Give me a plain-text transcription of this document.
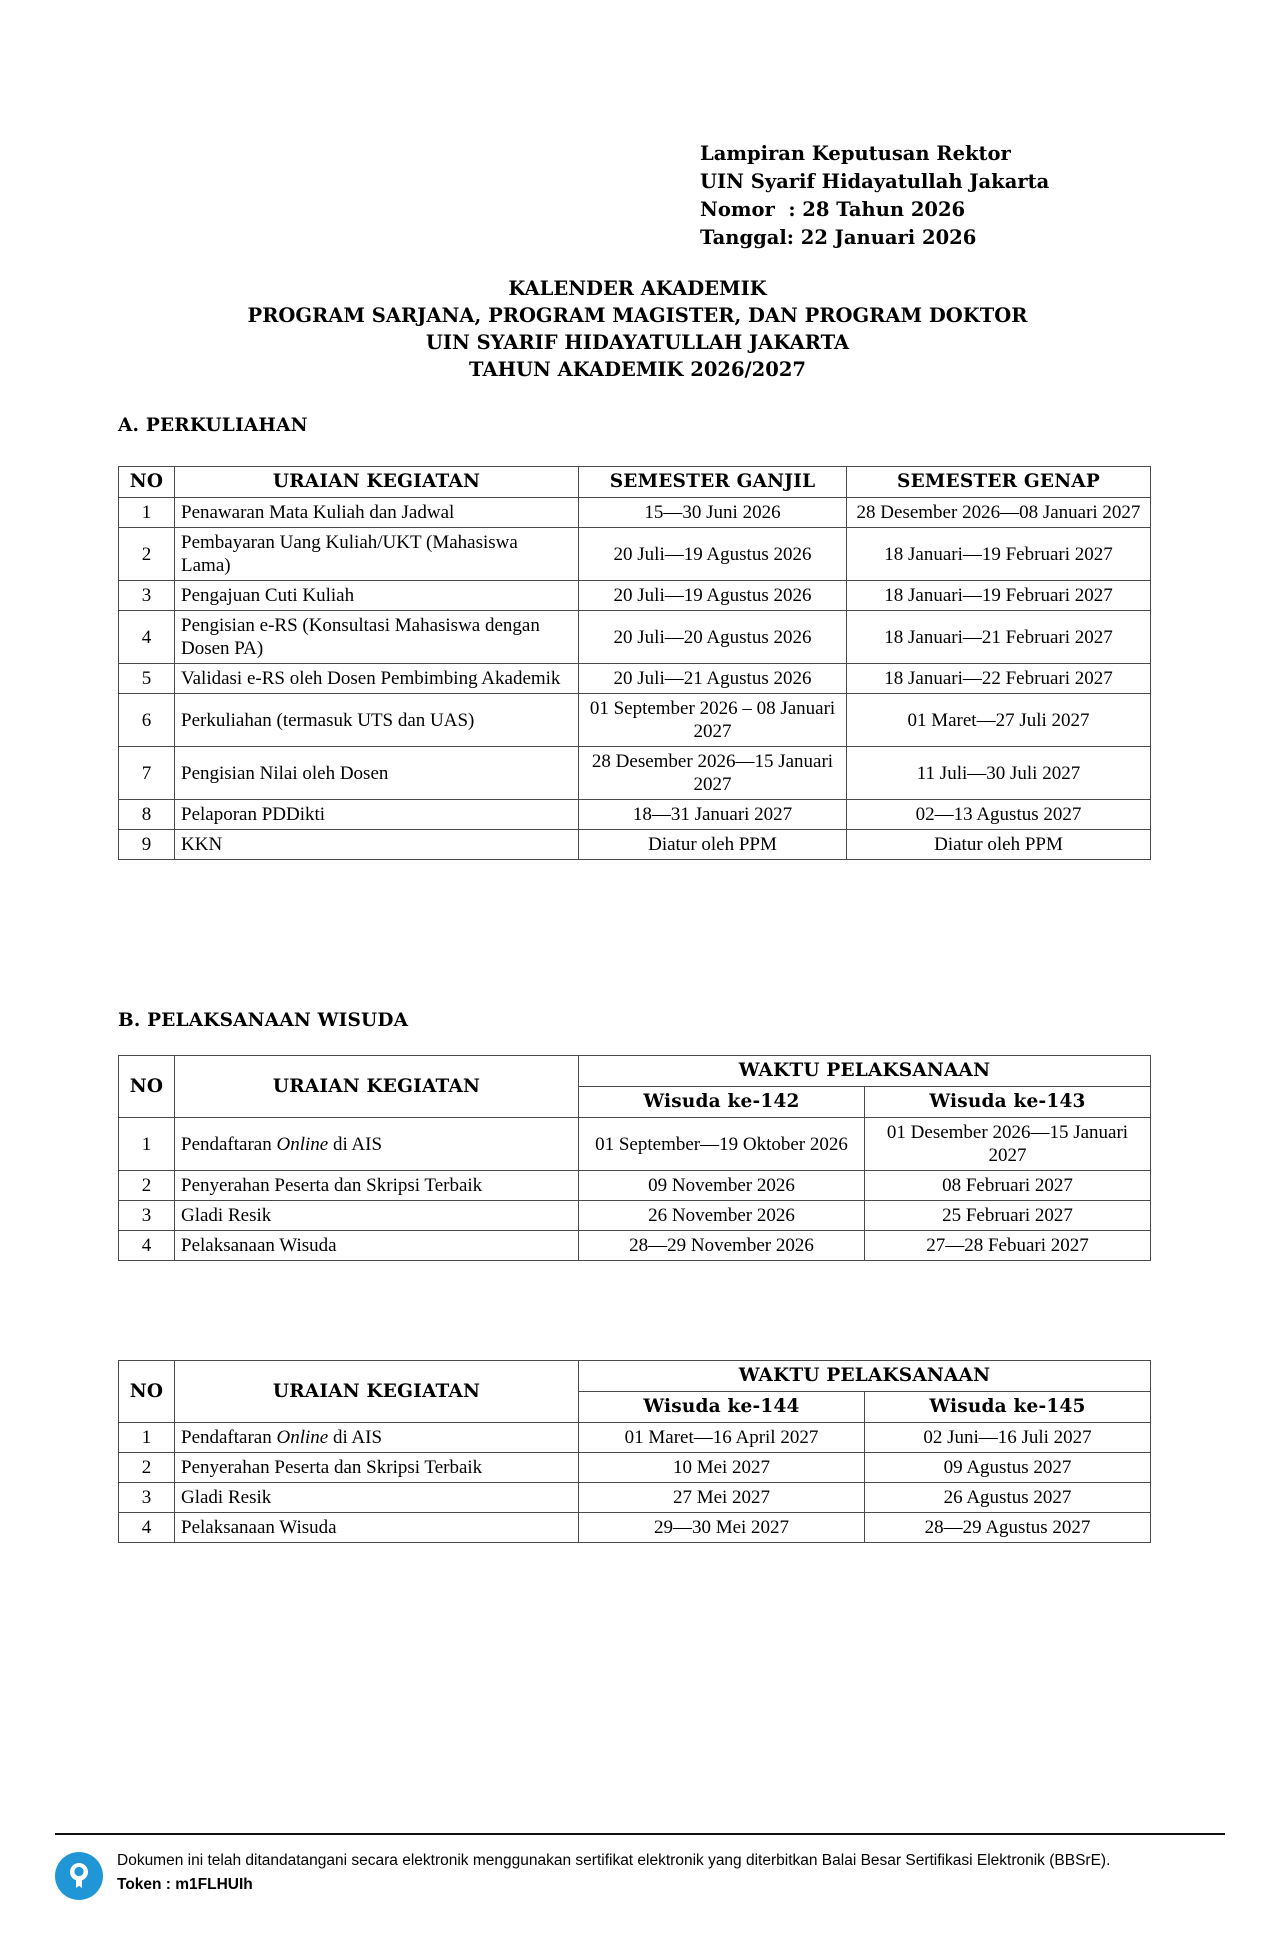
Lampiran Keputusan Rektor
UIN Syarif Hidayatullah Jakarta
Nomor  : 28 Tahun 2026
Tanggal: 22 Januari 2026
KALENDER AKADEMIK
PROGRAM SARJANA, PROGRAM MAGISTER, DAN PROGRAM DOKTOR
UIN SYARIF HIDAYATULLAH JAKARTA
TAHUN AKADEMIK 2026/2027
A. PERKULIAHAN
NO	URAIAN KEGIATAN	SEMESTER GANJIL	SEMESTER GENAP
1	Penawaran Mata Kuliah dan Jadwal	15—30 Juni 2026	28 Desember 2026—08 Januari 2027
2	Pembayaran Uang Kuliah/UKT (Mahasiswa Lama)	20 Juli—19 Agustus 2026	18 Januari—19 Februari 2027
3	Pengajuan Cuti Kuliah	20 Juli—19 Agustus 2026	18 Januari—19 Februari 2027
4	Pengisian e-RS (Konsultasi Mahasiswa dengan Dosen PA)	20 Juli—20 Agustus 2026	18 Januari—21 Februari 2027
5	Validasi e-RS oleh Dosen Pembimbing Akademik	20 Juli—21 Agustus 2026	18 Januari—22 Februari 2027
6	Perkuliahan (termasuk UTS dan UAS)	01 September 2026 – 08 Januari 2027	01 Maret—27 Juli 2027
7	Pengisian Nilai oleh Dosen	28 Desember 2026—15 Januari 2027	11 Juli—30 Juli 2027
8	Pelaporan PDDikti	18—31 Januari 2027	02—13 Agustus 2027
9	KKN	Diatur oleh PPM	Diatur oleh PPM
B. PELAKSANAAN WISUDA
NO	URAIAN KEGIATAN	WAKTU PELAKSANAAN	
		Wisuda ke-142	Wisuda ke-143
1	Pendaftaran Online di AIS	01 September—19 Oktober 2026	01 Desember 2026—15 Januari 2027
2	Penyerahan Peserta dan Skripsi Terbaik	09 November 2026	08 Februari 2027
3	Gladi Resik	26 November 2026	25 Februari 2027
4	Pelaksanaan Wisuda	28—29 November 2026	27—28 Febuari 2027
NO	URAIAN KEGIATAN	WAKTU PELAKSANAAN	
		Wisuda ke-144	Wisuda ke-145
1	Pendaftaran Online di AIS	01 Maret—16 April 2027	02 Juni—16 Juli 2027
2	Penyerahan Peserta dan Skripsi Terbaik	10 Mei 2027	09 Agustus 2027
3	Gladi Resik	27 Mei 2027	26 Agustus 2027
4	Pelaksanaan Wisuda	29—30 Mei 2027	28—29 Agustus 2027
Dokumen ini telah ditandatangani secara elektronik menggunakan sertifikat elektronik yang diterbitkan Balai Besar Sertifikasi Elektronik (BBSrE).
Token : m1FLHUIh
